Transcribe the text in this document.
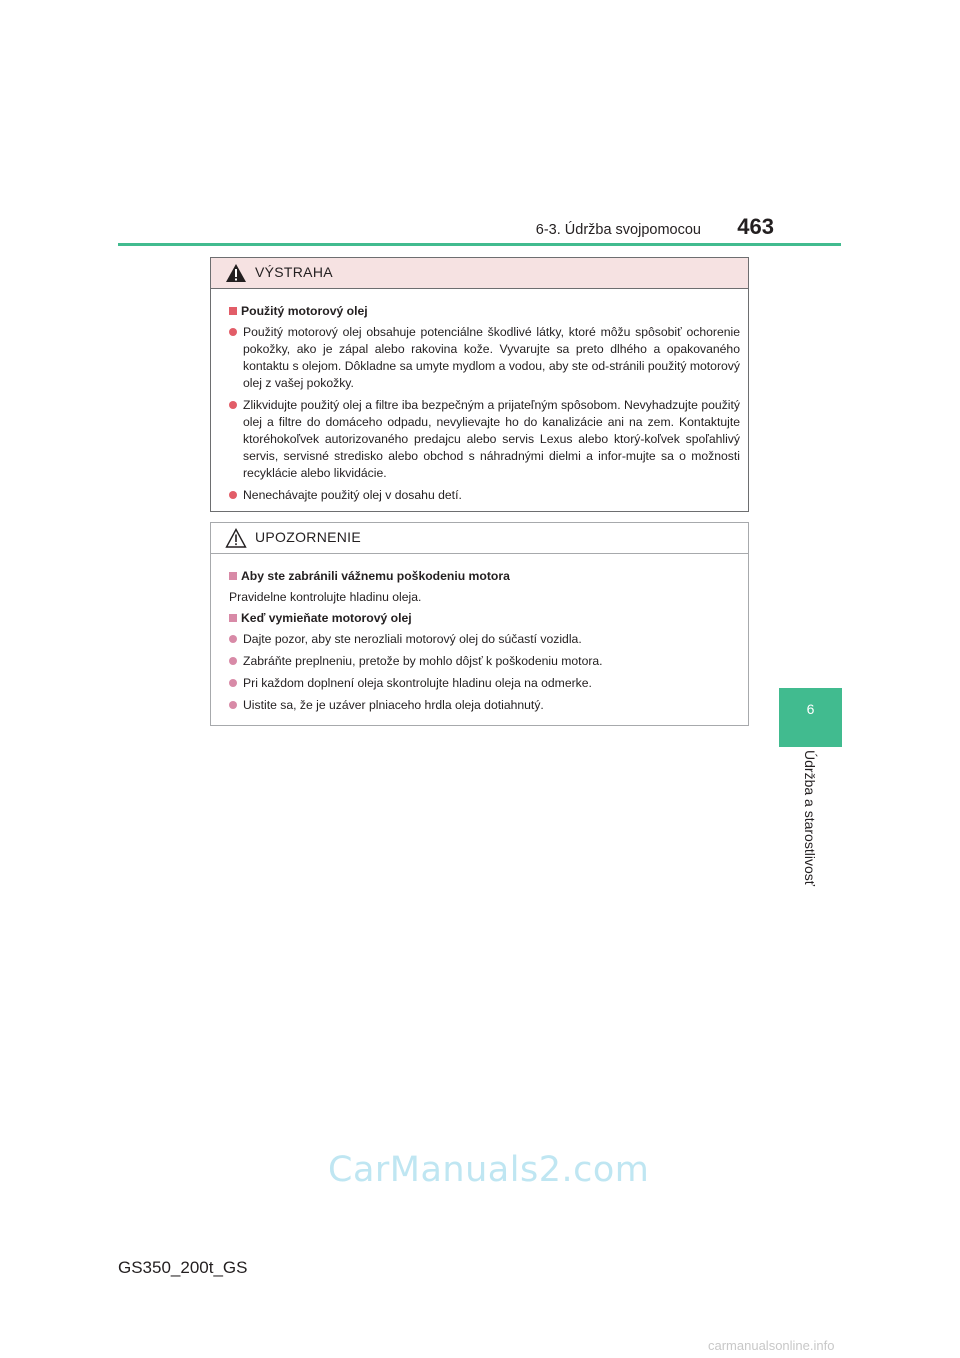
6-3. Údržba svojpomocou	463
6
Údržba a starostlivosť
VÝSTRAHA
Použitý motorový olej
Použitý motorový olej obsahuje potenciálne škodlivé látky, ktoré môžu spôsobiť ochorenie pokožky, ako je zápal alebo rakovina kože. Vyvarujte sa preto dlhého a opakovaného kontaktu s olejom. Dôkladne sa umyte mydlom a vodou, aby ste od-stránili použitý motorový olej z vašej pokožky.
Zlikvidujte použitý olej a filtre iba bezpečným a prijateľným spôsobom. Nevyhadzujte použitý olej a filtre do domáceho odpadu, nevylievajte ho do kanalizácie ani na zem. Kontaktujte ktoréhokoľvek autorizovaného predajcu alebo servis Lexus alebo ktorý-koľvek spoľahlivý servis, servisné stredisko alebo obchod s náhradnými dielmi a infor-mujte sa o možnosti recyklácie alebo likvidácie.
Nenechávajte použitý olej v dosahu detí.
UPOZORNENIE
Aby ste zabránili vážnemu poškodeniu motora
Pravidelne kontrolujte hladinu oleja.
Keď vymieňate motorový olej
Dajte pozor, aby ste nerozliali motorový olej do súčastí vozidla.
Zabráňte preplneniu, pretože by mohlo dôjsť k poškodeniu motora.
Pri každom doplnení oleja skontrolujte hladinu oleja na odmerke.
Uistite sa, že je uzáver plniaceho hrdla oleja dotiahnutý.
CarManuals2.com
GS350_200t_GS
carmanualsonline.info
